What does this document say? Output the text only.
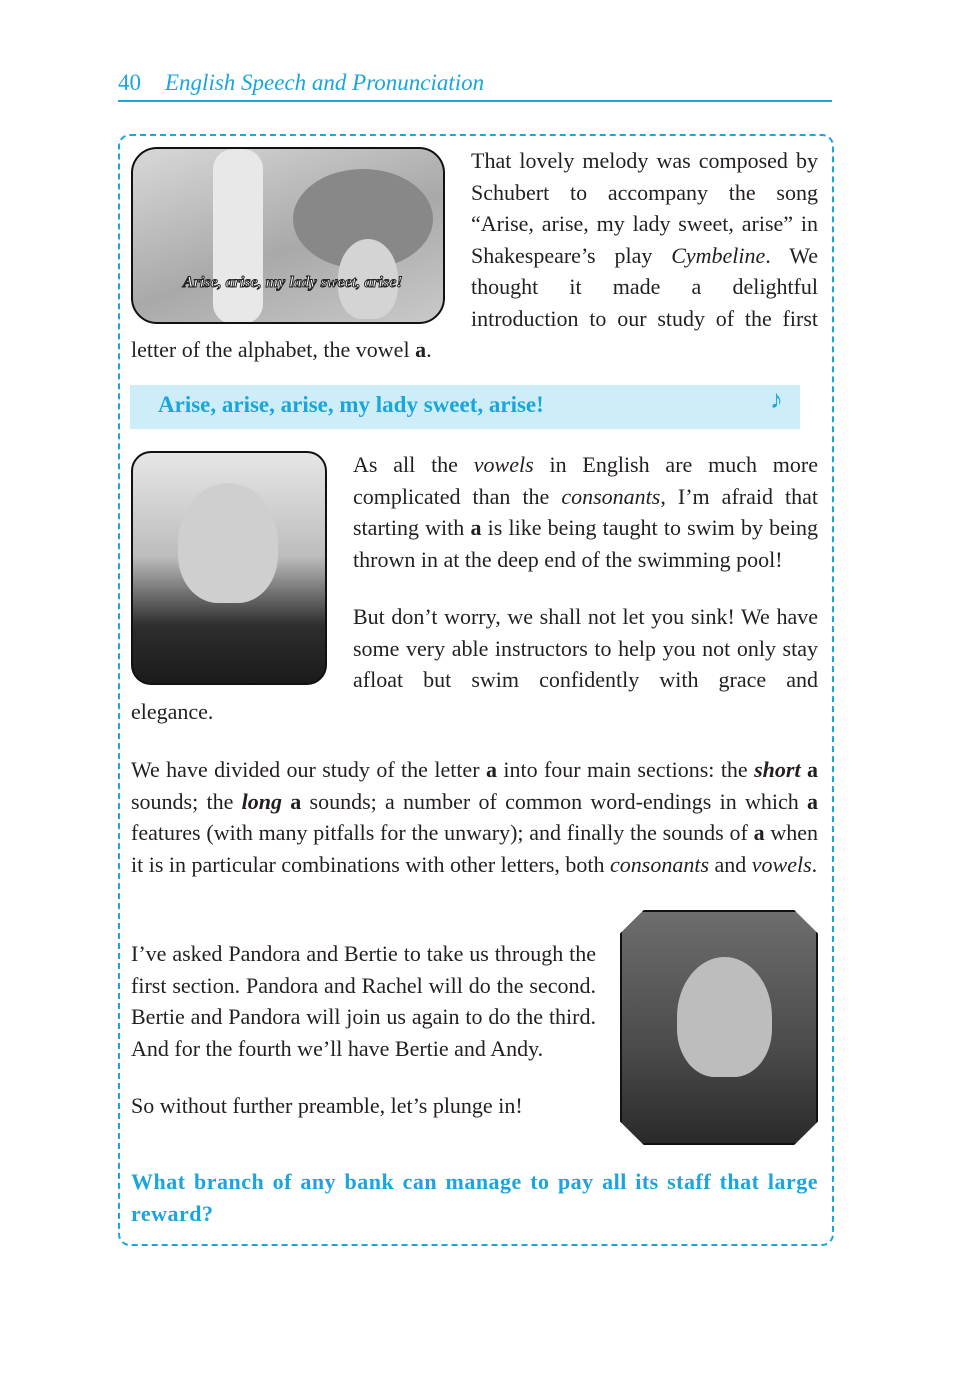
40 English Speech and Pronunciation
Arise, arise, my lady sweet, arise!

That lovely melody was composed by Schubert to accompany the song “Arise, arise, my lady sweet, arise” in Shakespeare’s play Cymbeline. We thought it made a delightful introduction to our study of the first letter of the alphabet, the vowel a.

Arise, arise, arise, my lady sweet, arise!	♪

As all the vowels in English are much more complicated than the consonants, I’m afraid that starting with a is like being taught to swim by being thrown in at the deep end of the swimming pool!

But don’t worry, we shall not let you sink! We have some very able instructors to help you not only stay afloat but swim confidently with grace and elegance.

We have divided our study of the letter a into four main sections: the short a sounds; the long a sounds; a number of common word-endings in which a features (with many pitfalls for the unwary); and finally the sounds of a when it is in particular combinations with other letters, both consonants and vowels.

I’ve asked Pandora and Bertie to take us through the first section. Pandora and Rachel will do the second. Bertie and Pandora will join us again to do the third. And for the fourth we’ll have Bertie and Andy.

So without further preamble, let’s plunge in!

What branch of any bank can manage to pay all its staff that large reward?
